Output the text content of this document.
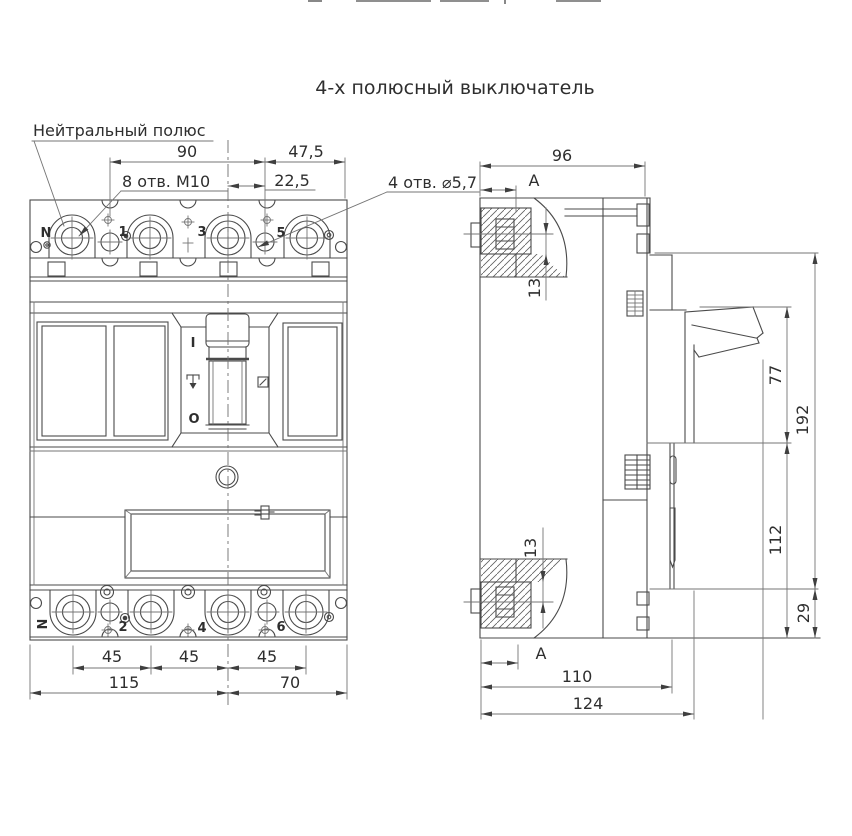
4-х полюсный выключатель
N	1	3	5
I
O
N	2	4	6
90	47,5
22,5
8 отв. М10	4 отв. ⌀5,7
Нейтральный полюс
45	45	45
115	70
96
А
13
13
А
77
112
192
29
110
124
